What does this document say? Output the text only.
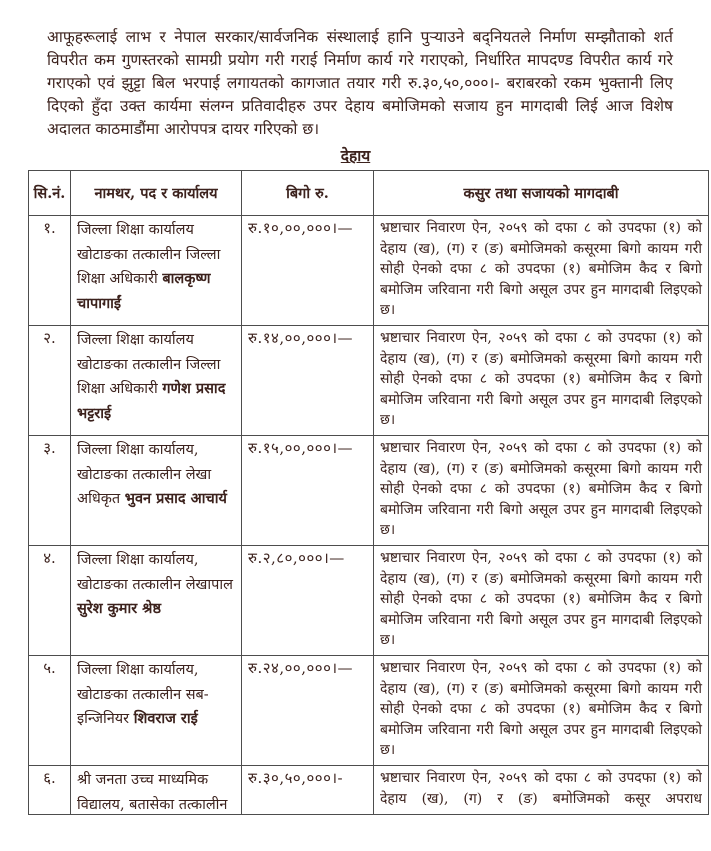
आफूहरूलाई लाभ र नेपाल सरकार/सार्वजनिक संस्थालाई हानि पुऱ्याउने बद्नियतले निर्माण सम्झौताको शर्त विपरीत कम गुणस्तरको सामग्री प्रयोग गरी गराई निर्माण कार्य गरे गराएको, निर्धारित मापदण्ड विपरीत कार्य गरे गराएको एवं झुट्टा बिल भरपाई लगायतको कागजात तयार गरी रु.३०,५०,०००।- बराबरको रकम भुक्तानी लिए दिएको हुँदा उक्त कार्यमा संलग्न प्रतिवादीहरु उपर देहाय बमोजिमको सजाय हुन मागदाबी लिई आज विशेष अदालत काठमाडौंमा आरोपपत्र दायर गरिएको छ।
देहाय
सि.नं.	नामथर, पद र कार्यालय	बिगो रु.	कसुर तथा सजायको मागदाबी
१.	जिल्ला शिक्षा कार्यालय खोटाङका तत्कालीन जिल्ला शिक्षा अधिकारी बालकृष्ण चापागाईं	रु.१०,००,०००।—	भ्रष्टाचार निवारण ऐन, २०५९ को दफा ८ को उपदफा (१) को देहाय (ख), (ग) र (ङ) बमोजिमको कसूरमा बिगो कायम गरी सोही ऐनको दफा ८ को उपदफा (१) बमोजिम कैद र बिगो बमोजिम जरिवाना गरी बिगो असूल उपर हुन मागदाबी लिइएको छ।
२.	जिल्ला शिक्षा कार्यालय खोटाङका तत्कालीन जिल्ला शिक्षा अधिकारी गणेश प्रसाद भट्टराई	रु.१४,००,०००।—	भ्रष्टाचार निवारण ऐन, २०५९ को दफा ८ को उपदफा (१) को देहाय (ख), (ग) र (ङ) बमोजिमको कसूरमा बिगो कायम गरी सोही ऐनको दफा ८ को उपदफा (१) बमोजिम कैद र बिगो बमोजिम जरिवाना गरी बिगो असूल उपर हुन मागदाबी लिइएको छ।
३.	जिल्ला शिक्षा कार्यालय, खोटाङका तत्कालीन लेखा अधिकृत भुवन प्रसाद आचार्य	रु.१५,००,०००।—	भ्रष्टाचार निवारण ऐन, २०५९ को दफा ८ को उपदफा (१) को देहाय (ख), (ग) र (ङ) बमोजिमको कसूरमा बिगो कायम गरी सोही ऐनको दफा ८ को उपदफा (१) बमोजिम कैद र बिगो बमोजिम जरिवाना गरी बिगो असूल उपर हुन मागदाबी लिइएको छ।
४.	जिल्ला शिक्षा कार्यालय, खोटाङका तत्कालीन लेखापाल सुरेश कुमार श्रेष्ठ	रु.२,८०,०००।—	भ्रष्टाचार निवारण ऐन, २०५९ को दफा ८ को उपदफा (१) को देहाय (ख), (ग) र (ङ) बमोजिमको कसूरमा बिगो कायम गरी सोही ऐनको दफा ८ को उपदफा (१) बमोजिम कैद र बिगो बमोजिम जरिवाना गरी बिगो असूल उपर हुन मागदाबी लिइएको छ।
५.	जिल्ला शिक्षा कार्यालय, खोटाङका तत्कालीन सब-इन्जिनियर शिवराज राई	रु.२४,००,०००।—	भ्रष्टाचार निवारण ऐन, २०५९ को दफा ८ को उपदफा (१) को देहाय (ख), (ग) र (ङ) बमोजिमको कसूरमा बिगो कायम गरी सोही ऐनको दफा ८ को उपदफा (१) बमोजिम कैद र बिगो बमोजिम जरिवाना गरी बिगो असूल उपर हुन मागदाबी लिइएको छ।
६.	श्री जनता उच्च माध्यमिक विद्यालय, बतासेका तत्कालीन	रु.३०,५०,०००।-	भ्रष्टाचार निवारण ऐन, २०५९ को दफा ८ को उपदफा (१) को देहाय (ख), (ग) र (ङ) बमोजिमको कसूर अपराध
